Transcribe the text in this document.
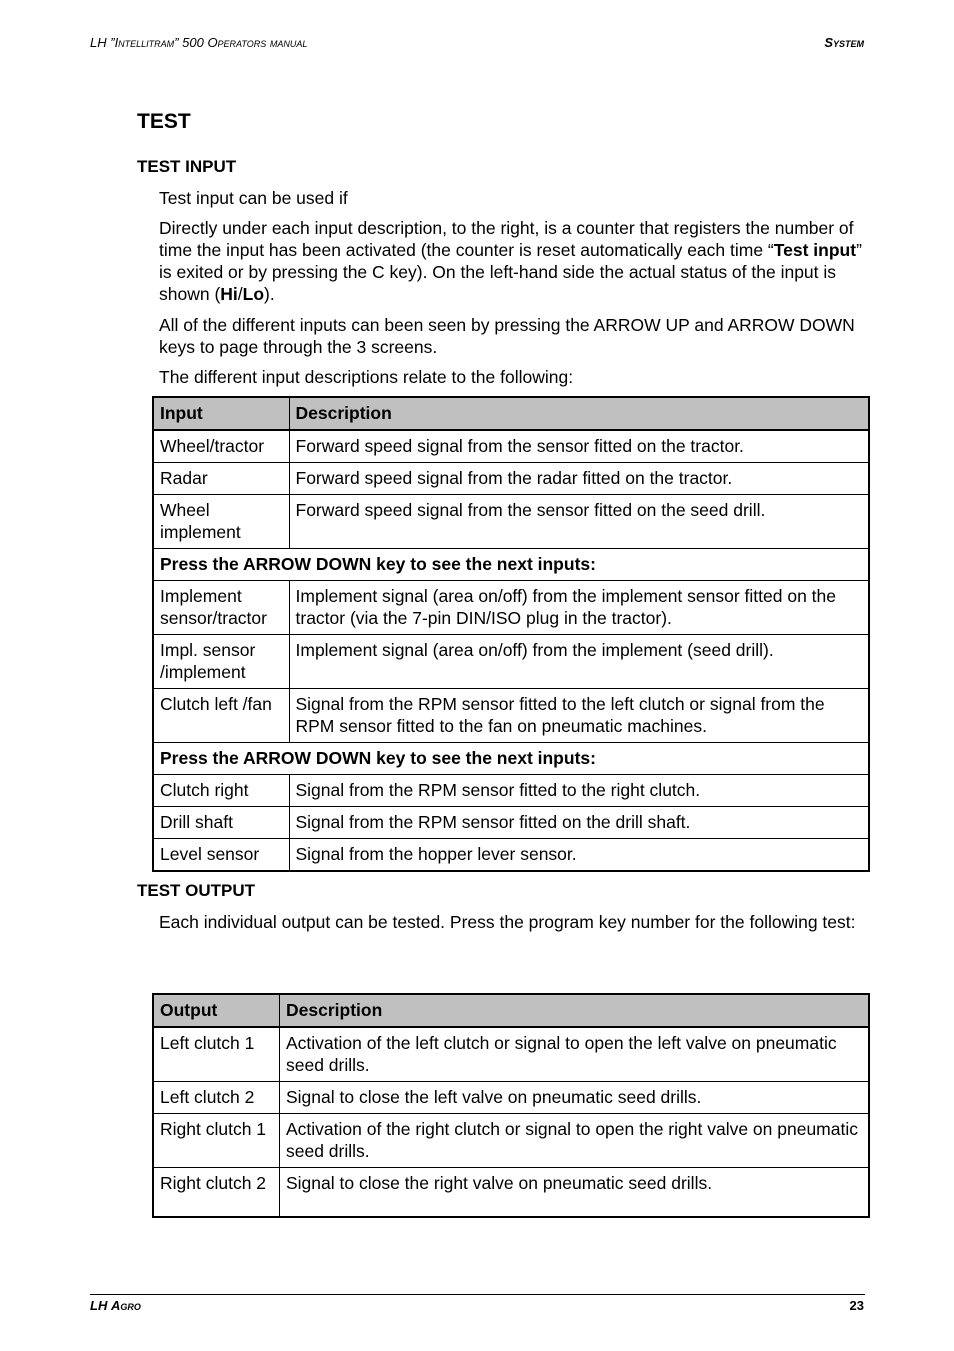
LH ”Intellitram” 500 Operators manual	System
TEST
TEST INPUT

Test input can be used if

Directly under each input description, to the right, is a counter that registers the number of time the input has been activated (the counter is reset automatically each time “Test input” is exited or by pressing the C key). On the left-hand side the actual status of the input is shown (Hi/Lo).

All of the different inputs can been seen by pressing the ARROW UP and ARROW DOWN keys to page through the 3 screens.

The different input descriptions relate to the following:

Input	Description
Wheel/tractor	Forward speed signal from the sensor fitted on the tractor.
Radar	Forward speed signal from the radar fitted on the tractor.
Wheel implement	Forward speed signal from the sensor fitted on the seed drill.
Press the ARROW DOWN key to see the next inputs:	
Implement sensor/tractor	Implement signal (area on/off) from the implement sensor fitted on the tractor (via the 7-pin DIN/ISO plug in the tractor).
Impl. sensor /implement	Implement signal (area on/off) from the implement (seed drill).
Clutch left /fan	Signal from the RPM sensor fitted to the left clutch or signal from the RPM sensor fitted to the fan on pneumatic machines.
Press the ARROW DOWN key to see the next inputs:	
Clutch right	Signal from the RPM sensor fitted to the right clutch.
Drill shaft	Signal from the RPM sensor fitted on the drill shaft.
Level sensor	Signal from the hopper lever sensor.
TEST OUTPUT

Each individual output can be tested. Press the program key number for the following test:

Output	Description
Left clutch 1	Activation of the left clutch or signal to open the left valve on pneumatic seed drills.
Left clutch 2	Signal to close the left valve on pneumatic seed drills.
Right clutch 1	Activation of the right clutch or signal to open the right valve on pneumatic seed drills.
Right clutch 2	Signal to close the right valve on pneumatic seed drills.
LH Agro	23
